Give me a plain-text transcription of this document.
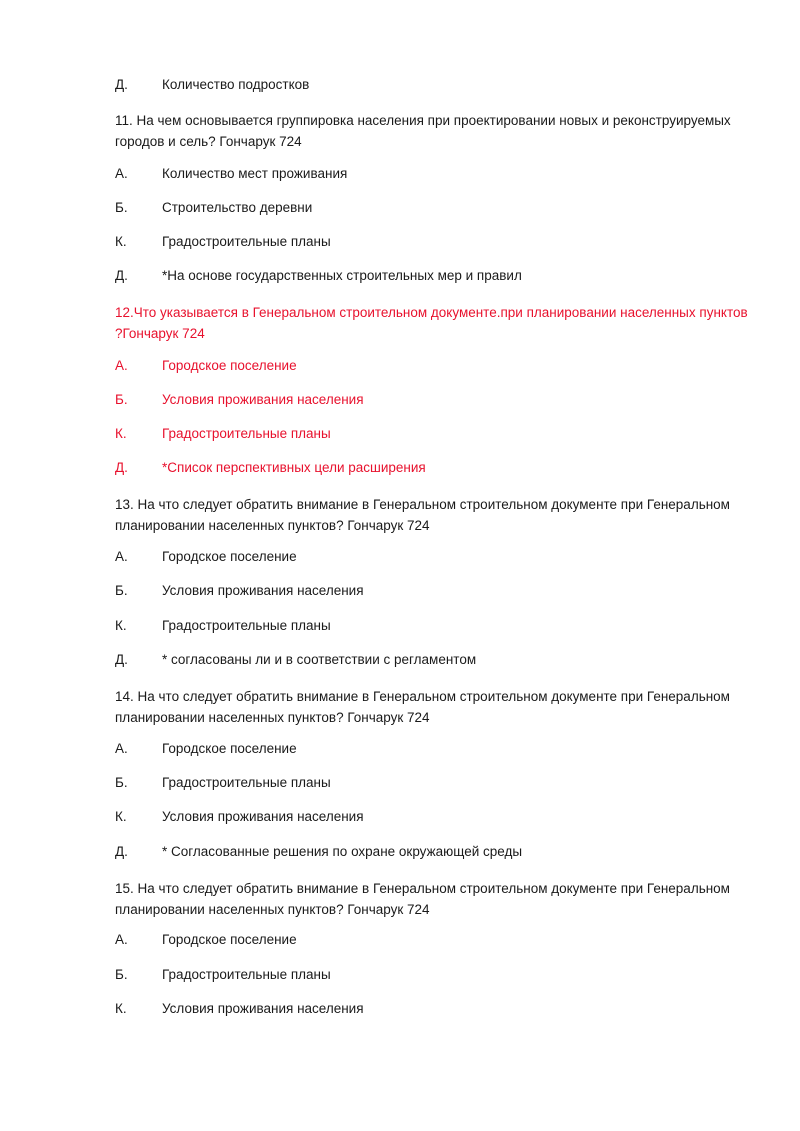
Д.	Количество подростков
11. На чем основывается группировка населения при проектировании новых и реконструируемых городов и сель? Гончарук 724
А.	Количество мест проживания
Б.	Строительство деревни
К.	Градостроительные планы
Д.	*На основе государственных строительных мер и правил
12.Что указывается в Генеральном строительном документе.при планировании населенных пунктов ?Гончарук 724
А.	Городское поселение
Б.	Условия проживания населения
К.	Градостроительные планы
Д.	*Список перспективных цели расширения
13. На что следует обратить внимание в Генеральном строительном документе при Генеральном планировании населенных пунктов? Гончарук 724
А.	Городское поселение
Б.	Условия проживания населения
К.	Градостроительные планы
Д.	* согласованы ли и в соответствии с регламентом
14. На что следует обратить внимание в Генеральном строительном документе при Генеральном планировании населенных пунктов? Гончарук 724
А.	Городское поселение
Б.	Градостроительные планы
К.	Условия проживания населения
Д.	* Согласованные решения по охране окружающей среды
15. На что следует обратить внимание в Генеральном строительном документе при Генеральном планировании населенных пунктов? Гончарук 724
А.	Городское поселение
Б.	Градостроительные планы
К.	Условия проживания населения
